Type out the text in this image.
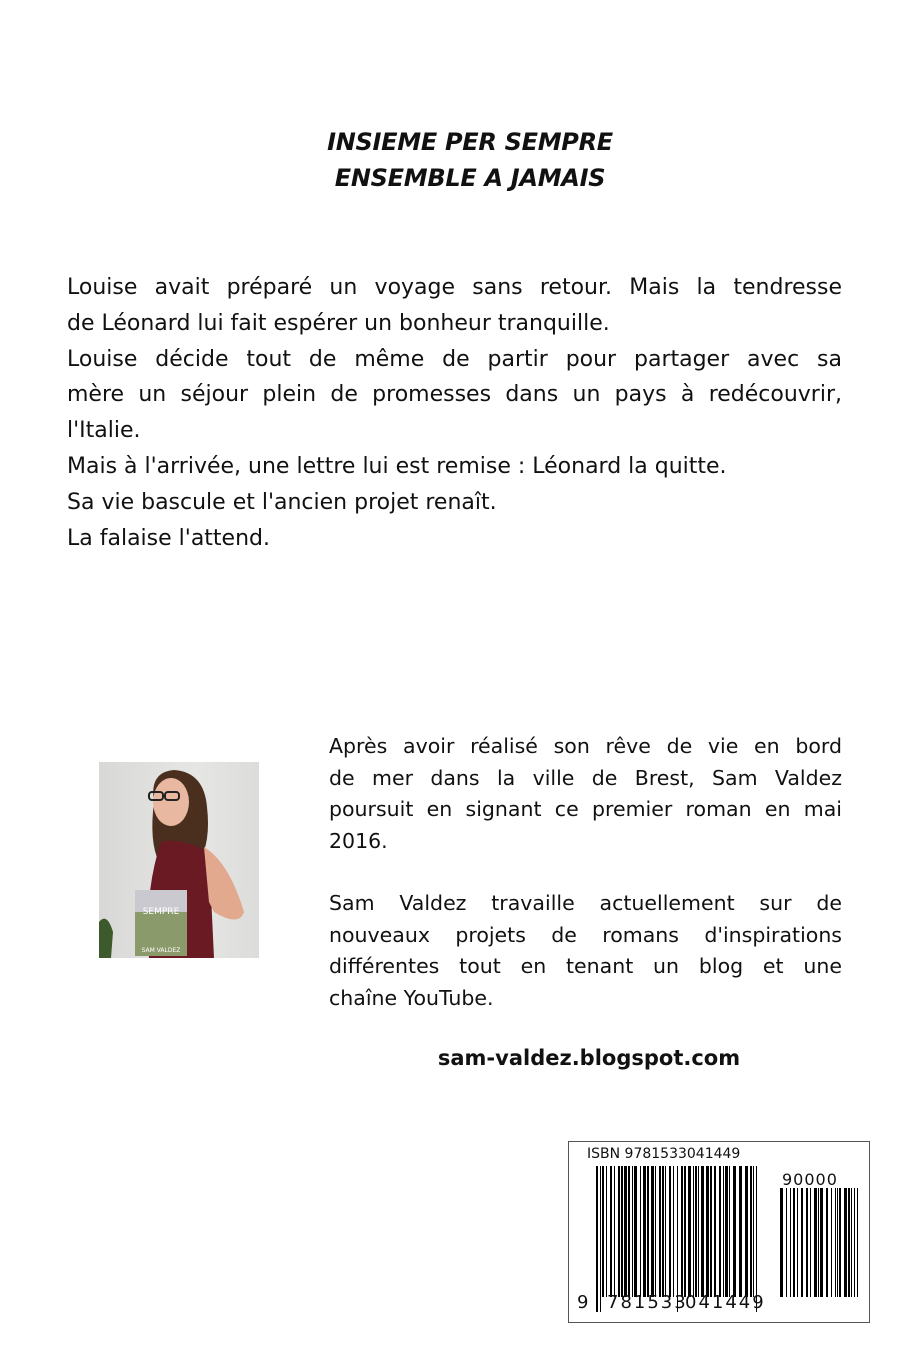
INSIEME PER SEMPRE
ENSEMBLE A JAMAIS
Louise avait préparé un voyage sans retour. Mais la tendresse
de Léonard lui fait espérer un bonheur tranquille.
Louise décide tout de même de partir pour partager avec sa
mère un séjour plein de promesses dans un pays à redécouvrir,
l'Italie.
Mais à l'arrivée, une lettre lui est remise : Léonard la quitte.
Sa vie bascule et l'ancien projet renaît.
La falaise l'attend.
SEMPRE
SAM VALDEZ
Après avoir réalisé son rêve de vie en bord
de mer dans la ville de Brest, Sam Valdez
poursuit en signant ce premier roman en mai
2016.
Sam Valdez travaille actuellement sur de
nouveaux projets de romans d'inspirations
différentes tout en tenant un blog et une
chaîne YouTube.
sam-valdez.blogspot.com
ISBN 9781533041449
90000
9 781533
041449
